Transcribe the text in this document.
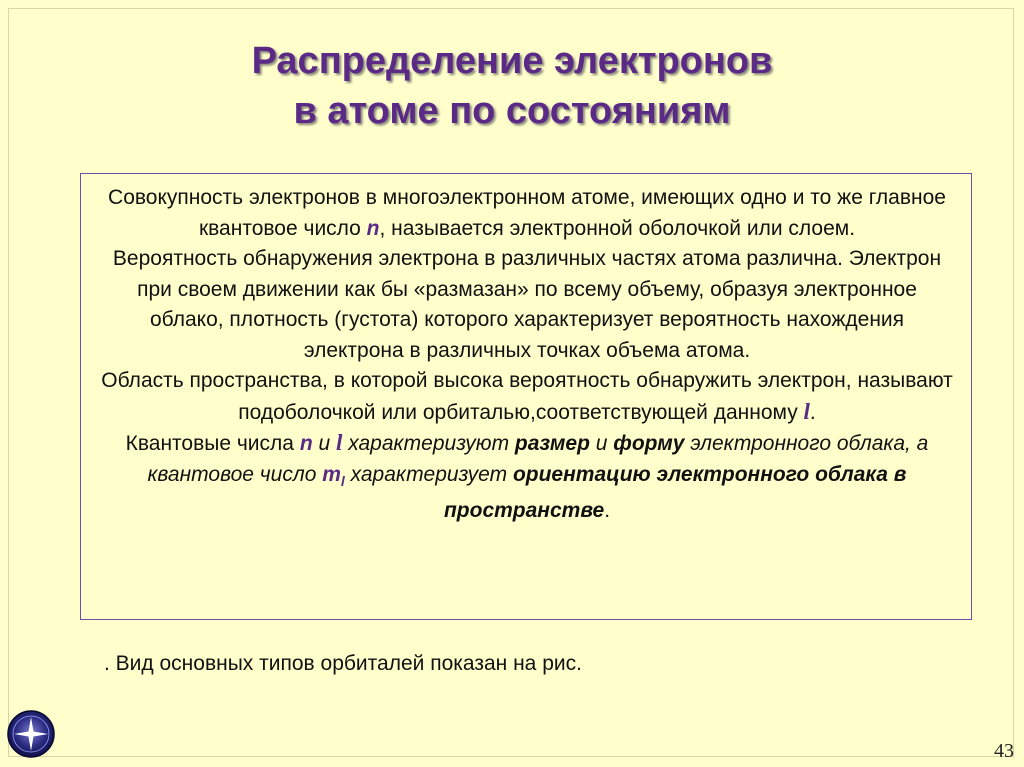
Распределение электронов
в атоме по состояниям

Совокупность электронов в многоэлектронном атоме, имеющих одно и то же главное квантовое число n, называется электронной оболочкой или слоем.

Вероятность обнаружения электрона в различных частях атома различна. Электрон при своем движении как бы «размазан» по всему объему, образуя электронное облако, плотность (густота) которого характеризует вероятность нахождения электрона в различных точках объема атома.

Область пространства, в которой высока вероятность обнаружить электрон, называют подоболочкой или орбиталью,соответствующей данному l.

Квантовые числа n и l характеризуют размер и форму электронного облака, а квантовое число $m_l$ характеризует ориентацию электронного облака в пространстве.

. Вид основных типов орбиталей показан на рис.
43
